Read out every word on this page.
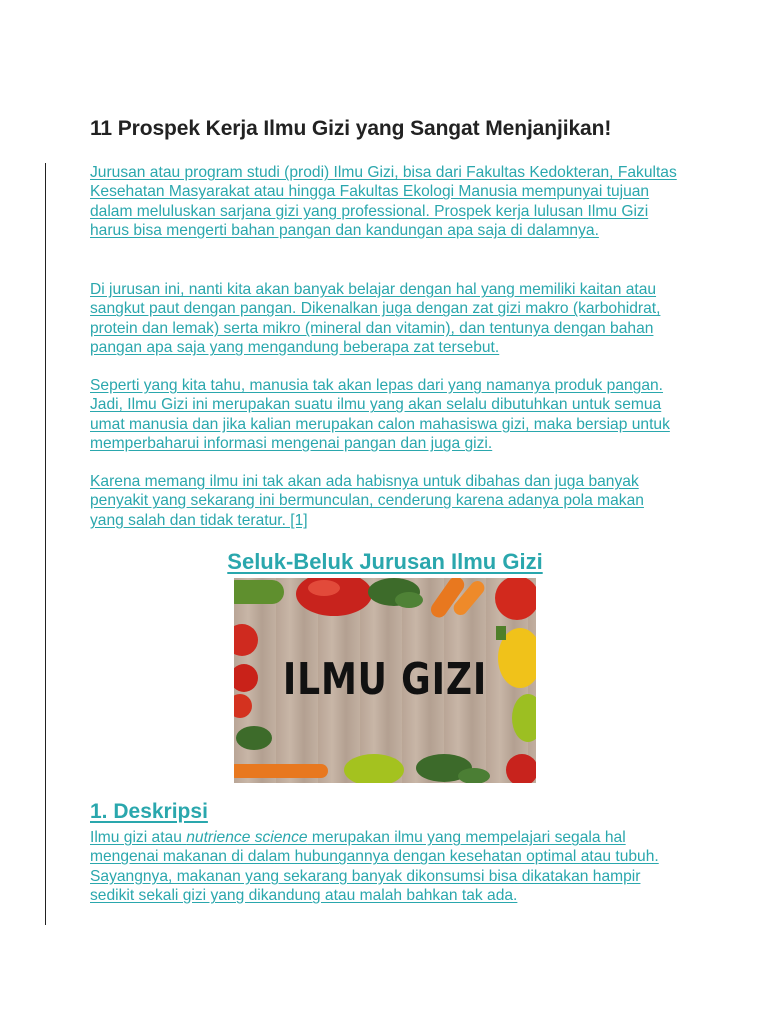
11 Prospek Kerja Ilmu Gizi yang Sangat Menjanjikan!

Jurusan atau program studi (prodi) Ilmu Gizi, bisa dari Fakultas Kedokteran, Fakultas Kesehatan Masyarakat atau hingga Fakultas Ekologi Manusia mempunyai tujuan dalam meluluskan sarjana gizi yang professional. Prospek kerja lulusan Ilmu Gizi harus bisa mengerti bahan pangan dan kandungan apa saja di dalamnya.

Di jurusan ini, nanti kita akan banyak belajar dengan hal yang memiliki kaitan atau sangkut paut dengan pangan. Dikenalkan juga dengan zat gizi makro (karbohidrat, protein dan lemak) serta mikro (mineral dan vitamin), dan tentunya dengan bahan pangan apa saja yang mengandung beberapa zat tersebut.

Seperti yang kita tahu, manusia tak akan lepas dari yang namanya produk pangan. Jadi, Ilmu Gizi ini merupakan suatu ilmu yang akan selalu dibutuhkan untuk semua umat manusia dan jika kalian merupakan calon mahasiswa gizi, maka bersiap untuk memperbaharui informasi mengenai pangan dan juga gizi.

Karena memang ilmu ini tak akan ada habisnya untuk dibahas dan juga banyak penyakit yang sekarang ini bermunculan, cenderung karena adanya pola makan yang salah dan tidak teratur. [1]

Seluk-Beluk Jurusan Ilmu Gizi
ILMU GIZI
1. Deskripsi

Ilmu gizi atau nutrience science merupakan ilmu yang mempelajari segala hal mengenai makanan di dalam hubungannya dengan kesehatan optimal atau tubuh. Sayangnya, makanan yang sekarang banyak dikonsumsi bisa dikatakan hampir sedikit sekali gizi yang dikandung atau malah bahkan tak ada.
